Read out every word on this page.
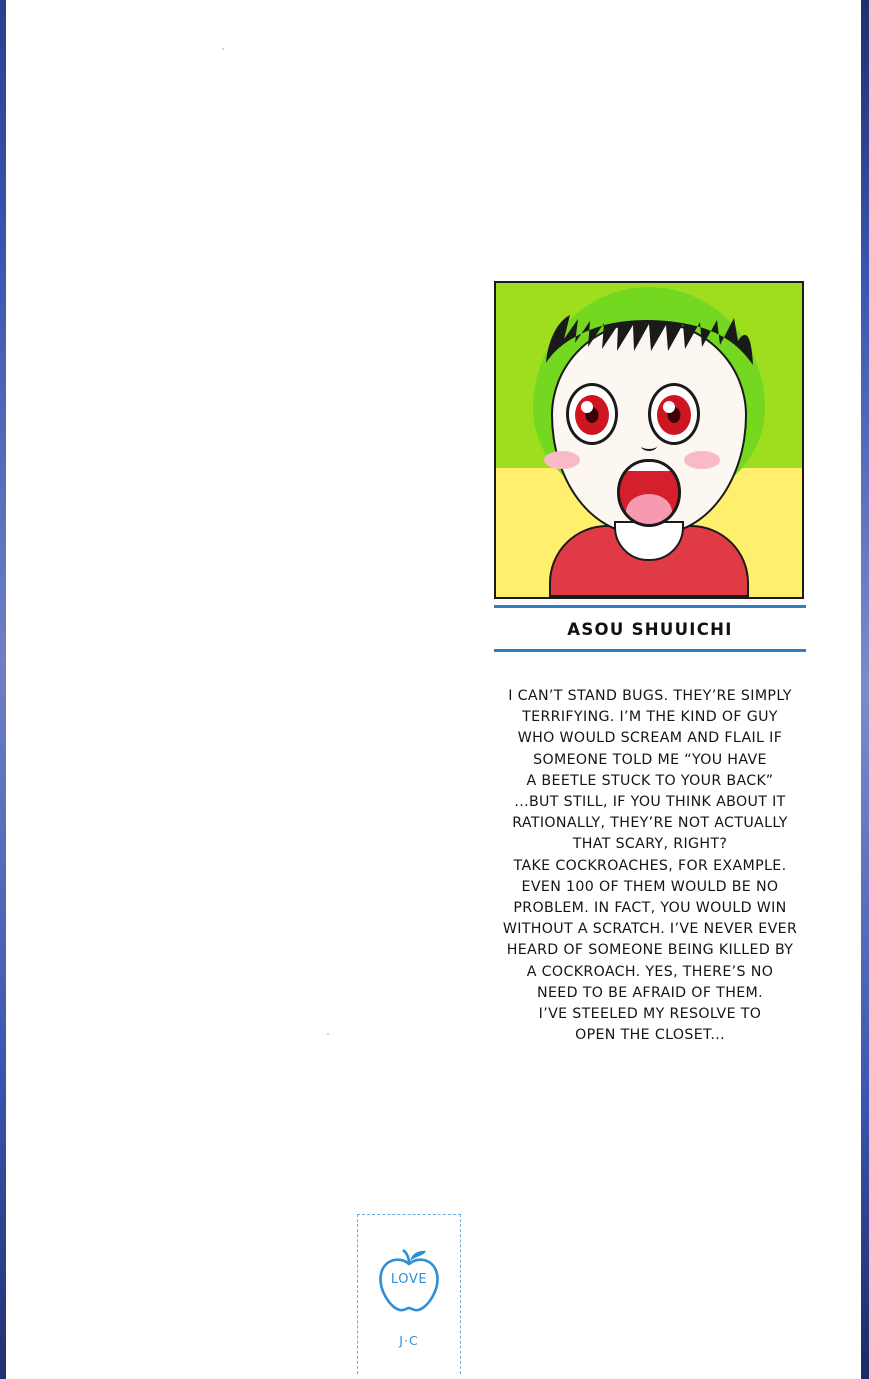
ASOU SHUUICHI

I CAN’T STAND BUGS. THEY’RE SIMPLY

TERRIFYING. I’M THE KIND OF GUY

WHO WOULD SCREAM AND FLAIL IF

SOMEONE TOLD ME “YOU HAVE

A BEETLE STUCK TO YOUR BACK”

...BUT STILL, IF YOU THINK ABOUT IT

RATIONALLY, THEY’RE NOT ACTUALLY

THAT SCARY, RIGHT?

TAKE COCKROACHES, FOR EXAMPLE.

EVEN 100 OF THEM WOULD BE NO

PROBLEM. IN FACT, YOU WOULD WIN

WITHOUT A SCRATCH. I’VE NEVER EVER

HEARD OF SOMEONE BEING KILLED BY

A COCKROACH. YES, THERE’S NO

NEED TO BE AFRAID OF THEM.

I’VE STEELED MY RESOLVE TO

OPEN THE CLOSET...

LOVE
J·C
